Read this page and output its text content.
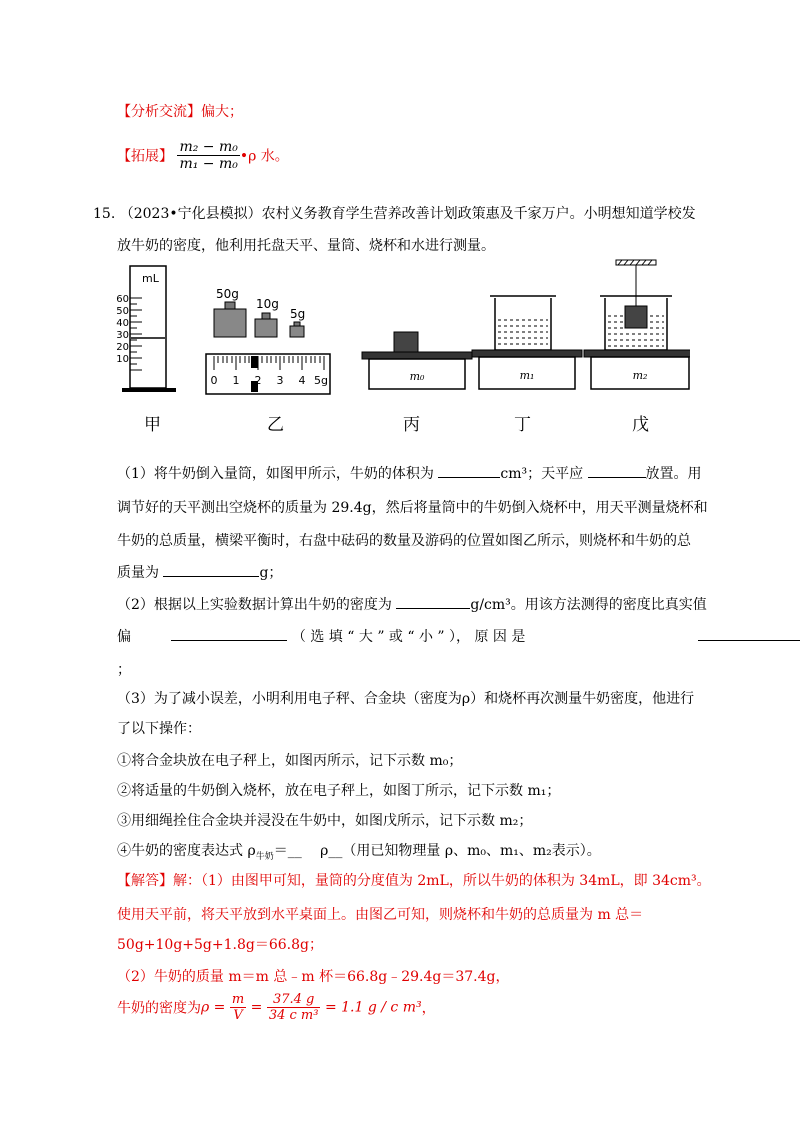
【分析交流】偏大；
【拓展】 $\frac{\text{m₂ − m₀}}{\text{m₁ − m₀}}$ •ρ 水。
15. （2023•宁化县模拟）农村义务教育学生营养改善计划政策惠及千家万户。小明想知道学校发
放牛奶的密度，他利用托盘天平、量筒、烧杯和水进行测量。
mL
60
50
40
30
20
10
50g
10g
5g
0 1 2 3 4 5g	m₀	m₁	m₂
甲	乙	丙	丁	戊
（1）将牛奶倒入量筒，如图甲所示，牛奶的体积为	cm³；天平应	放置。用
调节好的天平测出空烧杯的质量为 29.4g，然后将量筒中的牛奶倒入烧杯中，用天平测量烧杯和
牛奶的总质量，横梁平衡时，右盘中砝码的数量及游码的位置如图乙所示，则烧杯和牛奶的总
质量为	g；
（2）根据以上实验数据计算出牛奶的密度为	g/cm³。用该方法测得的密度比真实值
偏	（ 选 填 “ 大 ” 或 “ 小 ” ）， 原 因 是
；
（3）为了减小误差，小明利用电子秤、合金块（密度为ρ）和烧杯再次测量牛奶密度，他进行
了以下操作：
①将合金块放在电子秤上，如图丙所示，记下示数 m₀；
②将适量的牛奶倒入烧杯，放在电子秤上，如图丁所示，记下示数 m₁；
③用细绳拴住合金块并浸没在牛奶中，如图戊所示，记下示数 m₂；
④牛奶的密度表达式 $\rho_{牛奶}=\_\_$　 ρ__（用已知物理量 ρ、m₀、m₁、m₂表示）。
【解答】解：（1）由图甲可知，量筒的分度值为 2mL，所以牛奶的体积为 34mL，即 34cm³。
使用天平前，将天平放到水平桌面上。由图乙可知，则烧杯和牛奶的总质量为 m 总＝
50g+10g+5g+1.8g＝66.8g；
（2）牛奶的质量 m＝m 总﹣m 杯＝66.8g﹣29.4g＝37.4g，
牛奶的密度为$\rho = \frac{m}{V} = \frac{37.4 g}{\text{34 c m³}} = 1.1$ g / c m³，
